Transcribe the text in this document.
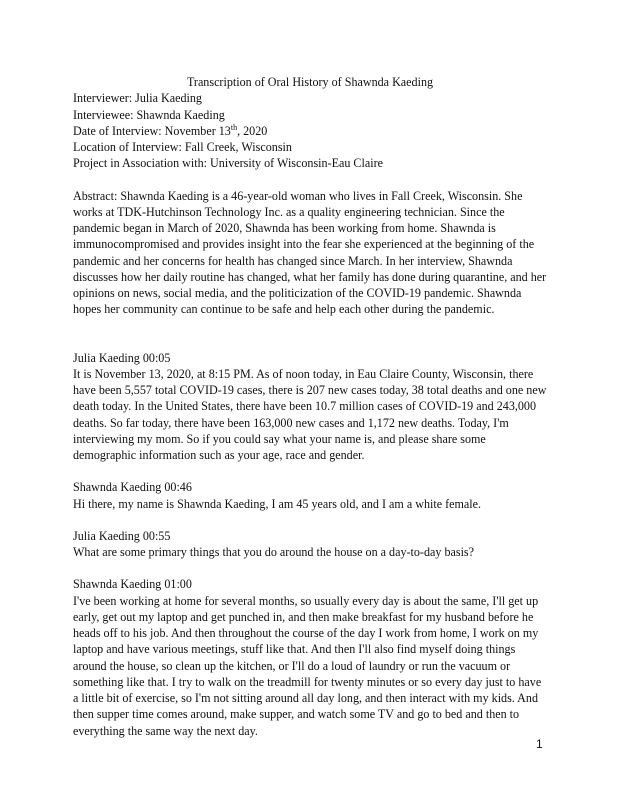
Transcription of Oral History of Shawnda Kaeding

Interviewer: Julia Kaeding

Interviewee: Shawnda Kaeding

Date of Interview: November 13th, 2020

Location of Interview: Fall Creek, Wisconsin

Project in Association with: University of Wisconsin-Eau Claire

Abstract: Shawnda Kaeding is a 46-year-old woman who lives in Fall Creek, Wisconsin. She works at TDK-Hutchinson Technology Inc. as a quality engineering technician. Since the pandemic began in March of 2020, Shawnda has been working from home. Shawnda is immunocompromised and provides insight into the fear she experienced at the beginning of the pandemic and her concerns for health has changed since March. In her interview, Shawnda discusses how her daily routine has changed, what her family has done during quarantine, and her opinions on news, social media, and the politicization of the COVID-19 pandemic. Shawnda hopes her community can continue to be safe and help each other during the pandemic.

Julia Kaeding 00:05

It is November 13, 2020, at 8:15 PM. As of noon today, in Eau Claire County, Wisconsin, there have been 5,557 total COVID-19 cases, there is 207 new cases today, 38 total deaths and one new death today. In the United States, there have been 10.7 million cases of COVID-19 and 243,000 deaths. So far today, there have been 163,000 new cases and 1,172 new deaths. Today, I'm interviewing my mom. So if you could say what your name is, and please share some demographic information such as your age, race and gender.

Shawnda Kaeding 00:46

Hi there, my name is Shawnda Kaeding, I am 45 years old, and I am a white female.

Julia Kaeding 00:55

What are some primary things that you do around the house on a day-to-day basis?

Shawnda Kaeding 01:00

I've been working at home for several months, so usually every day is about the same, I'll get up early, get out my laptop and get punched in, and then make breakfast for my husband before he heads off to his job. And then throughout the course of the day I work from home, I work on my laptop and have various meetings, stuff like that. And then I'll also find myself doing things around the house, so clean up the kitchen, or I'll do a loud of laundry or run the vacuum or something like that. I try to walk on the treadmill for twenty minutes or so every day just to have a little bit of exercise, so I'm not sitting around all day long, and then interact with my kids. And then supper time comes around, make supper, and watch some TV and go to bed and then to everything the same way the next day.

1
